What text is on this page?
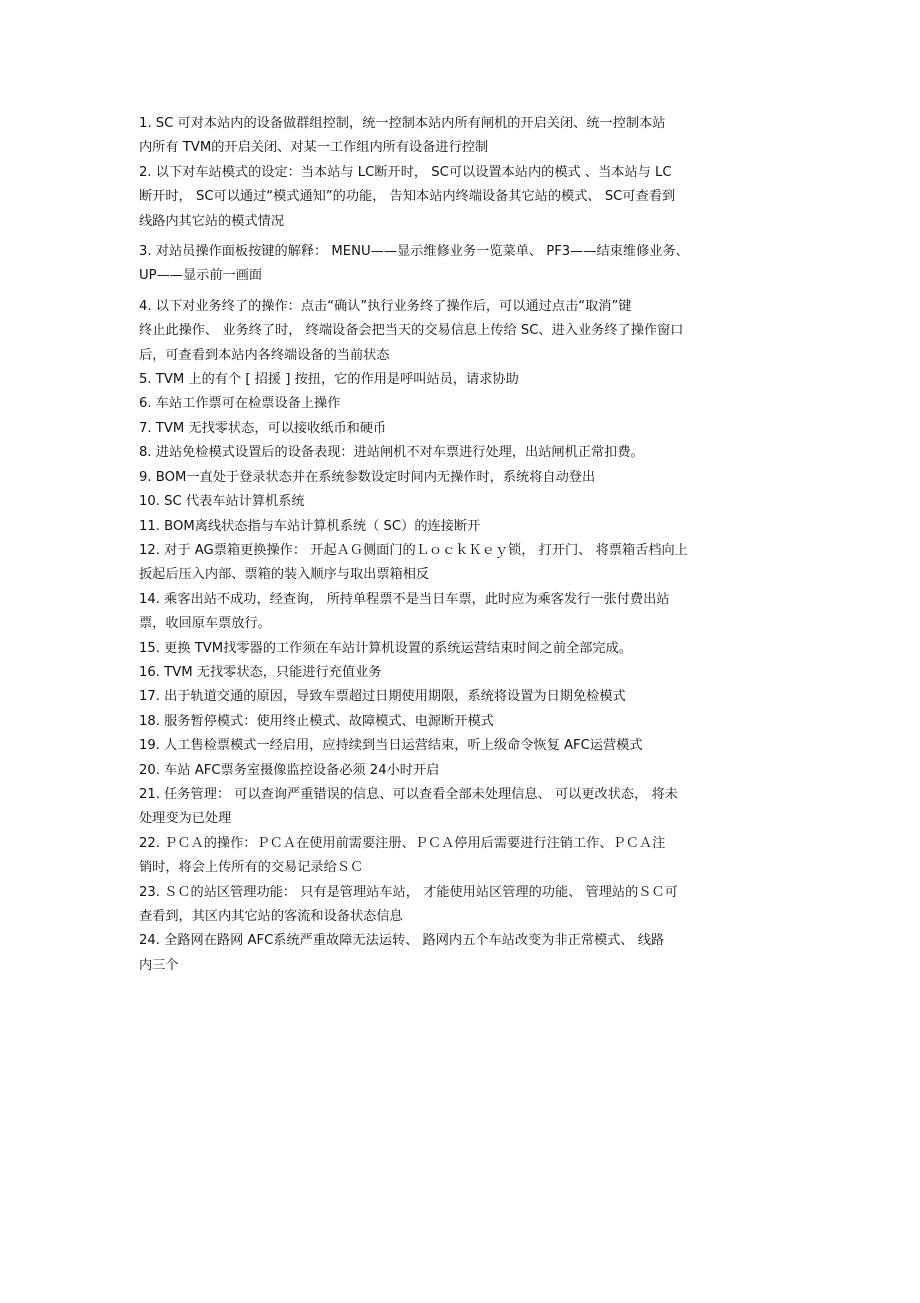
1. SC 可对本站内的设备做群组控制，统一控制本站内所有闸机的开启关闭、统一控制本站
内所有 TVM的开启关闭、对某一工作组内所有设备进行控制

2. 以下对车站模式的设定：当本站与 LC断开时， SC可以设置本站内的模式 、当本站与 LC
断开时， SC可以通过“模式通知”的功能， 告知本站内终端设备其它站的模式、 SC可查看到
线路内其它站的模式情况

3. 对站员操作面板按键的解释： MENU——显示维修业务一览菜单、 PF3——结束维修业务、
UP——显示前一画面

4. 以下对业务终了的操作：点击“确认”执行业务终了操作后，可以通过点击“取消”键
终止此操作、 业务终了时， 终端设备会把当天的交易信息上传给 SC、进入业务终了操作窗口
后，可查看到本站内各终端设备的当前状态

5. TVM 上的有个 [ 招援 ] 按扭，它的作用是呼叫站员，请求协助

6. 车站工作票可在检票设备上操作

7. TVM 无找零状态，可以接收纸币和硬币

8. 进站免检模式设置后的设备表现：进站闸机不对车票进行处理，出站闸机正常扣费。

9. BOM一直处于登录状态并在系统参数设定时间内无操作时，系统将自动登出

10. SC 代表车站计算机系统

11. BOM离线状态指与车站计算机系统（ SC）的连接断开

12. 对于 AG票箱更换操作： 开起ＡＧ侧面门的ＬｏｃｋＫｅｙ锁， 打开门、 将票箱舌档向上
扳起后压入内部、票箱的装入顺序与取出票箱相反

14. 乘客出站不成功，经查询， 所持单程票不是当日车票，此时应为乘客发行一张付费出站
票，收回原车票放行。

15. 更换 TVM找零器的工作须在车站计算机设置的系统运营结束时间之前全部完成。

16. TVM 无找零状态，只能进行充值业务

17. 出于轨道交通的原因，导致车票超过日期使用期限，系统将设置为日期免检模式

18. 服务暂停模式：使用终止模式、故障模式、电源断开模式

19. 人工售检票模式一经启用，应持续到当日运营结束，听上级命令恢复 AFC运营模式

20. 车站 AFC票务室摄像监控设备必须 24小时开启

21. 任务管理： 可以查询严重错误的信息、可以查看全部未处理信息、 可以更改状态， 将未
处理变为已处理

22. ＰＣＡ的操作：ＰＣＡ在使用前需要注册、ＰＣＡ停用后需要进行注销工作、ＰＣＡ注
销时，将会上传所有的交易记录给ＳＣ

23. ＳＣ的站区管理功能： 只有是管理站车站， 才能使用站区管理的功能、 管理站的ＳＣ可
查看到，其区内其它站的客流和设备状态信息

24. 全路网在路网 AFC系统严重故障无法运转、 路网内五个车站改变为非正常模式、 线路
内三个
